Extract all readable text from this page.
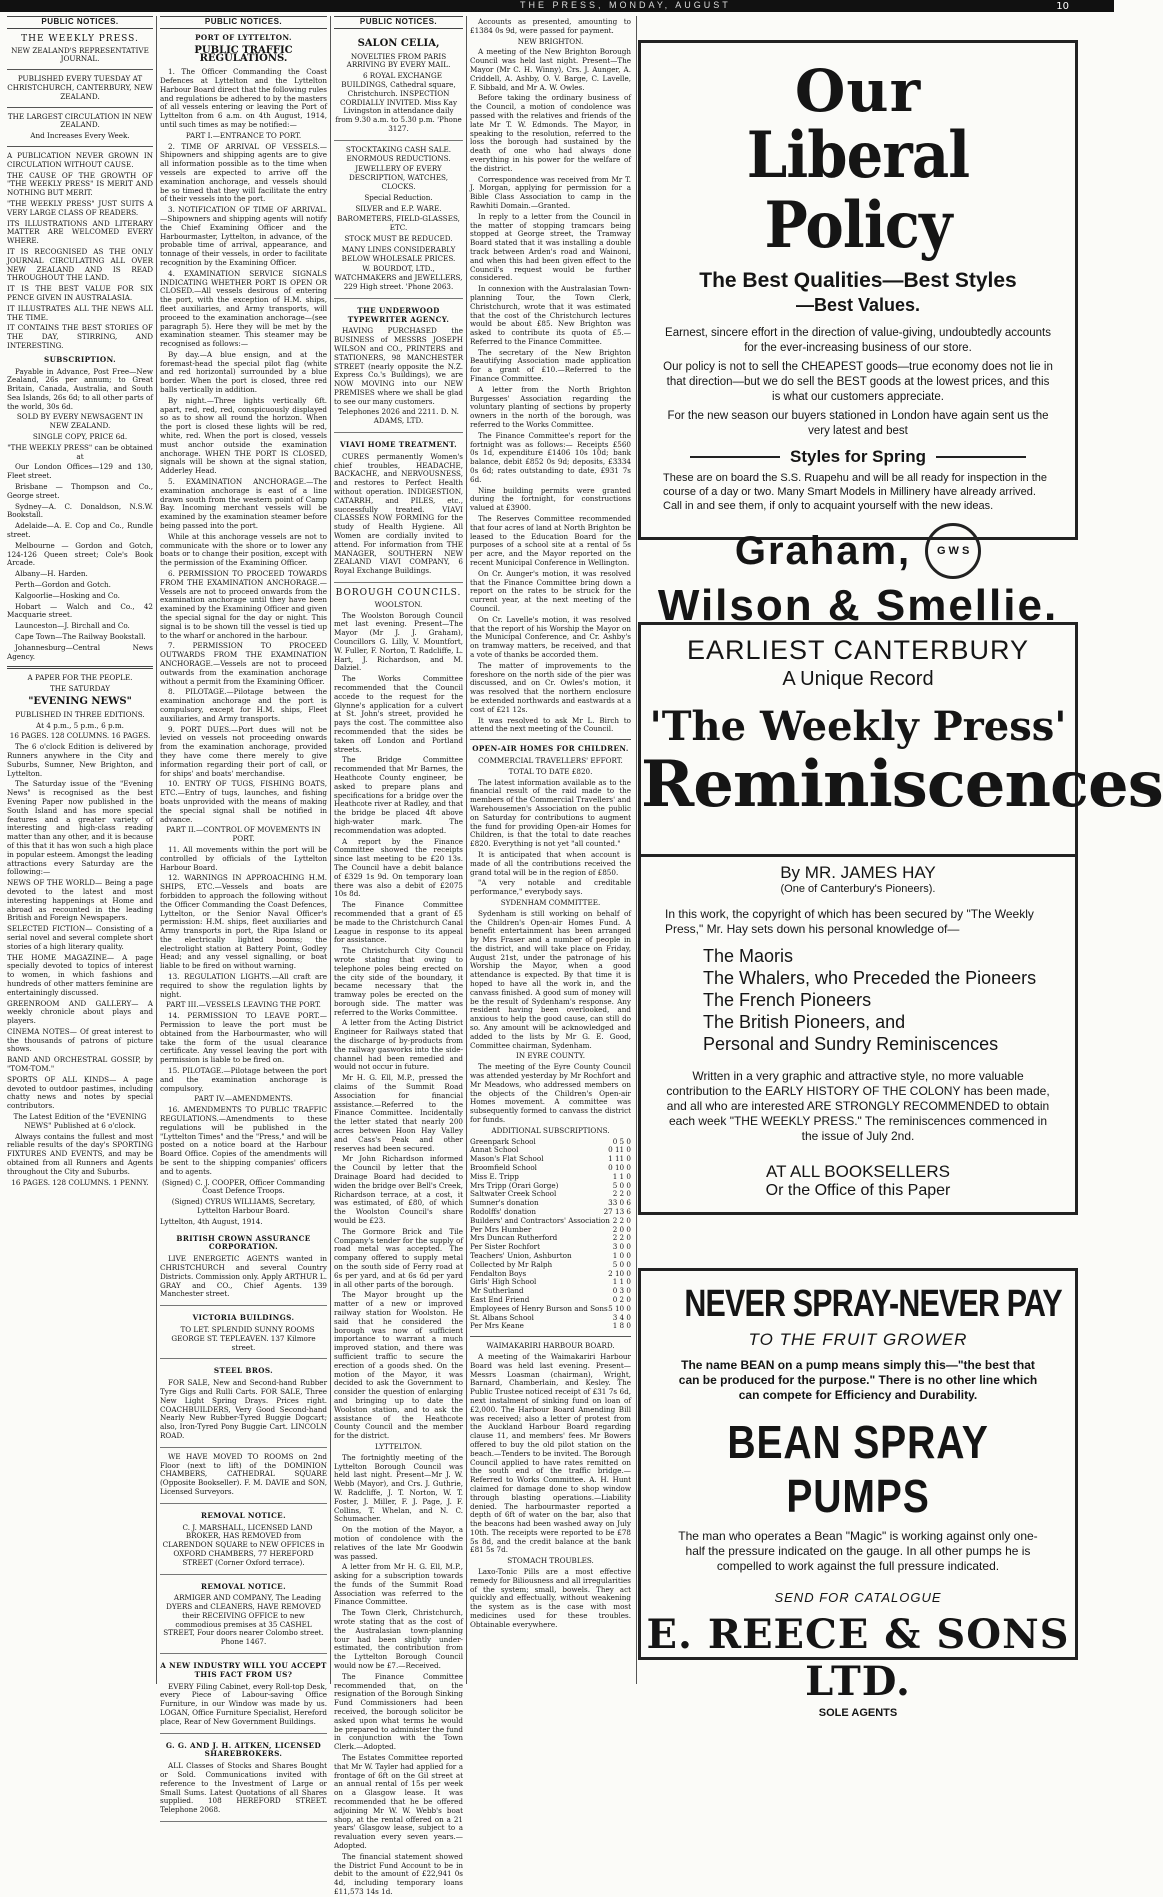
THE PRESS, MONDAY, AUGUST	10
PUBLIC NOTICES.
THE WEEKLY PRESS.
NEW ZEALAND'S REPRESENTATIVE JOURNAL.
PUBLISHED EVERY TUESDAY AT CHRISTCHURCH, CANTERBURY, NEW ZEALAND.
THE LARGEST CIRCULATION IN NEW ZEALAND.
And Increases Every Week.

A PUBLICATION NEVER GROWN IN CIRCULATION WITHOUT CAUSE.

THE CAUSE OF THE GROWTH OF "THE WEEKLY PRESS" IS MERIT AND NOTHING BUT MERIT.

"THE WEEKLY PRESS" JUST SUITS A VERY LARGE CLASS OF READERS.

ITS ILLUSTRATIONS AND LITERARY MATTER ARE WELCOMED EVERY WHERE.

IT IS RECOGNISED AS THE ONLY JOURNAL CIRCULATING ALL OVER NEW ZEALAND AND IS READ THROUGHOUT THE LAND.

IT IS THE BEST VALUE FOR SIX PENCE GIVEN IN AUSTRALASIA.

IT ILLUSTRATES ALL THE NEWS ALL THE TIME.

IT CONTAINS THE BEST STORIES OF THE DAY, STIRRING, AND INTERESTING.

SUBSCRIPTION.

Payable in Advance, Post Free—New Zealand, 26s per annum; to Great Britain, Canada, Australia, and South Sea Islands, 26s 6d; to all other parts of the world, 30s 6d.

SOLD BY EVERY NEWSAGENT IN NEW ZEALAND.
SINGLE COPY, PRICE 6d.
"THE WEEKLY PRESS" can be obtained at

Our London Offices—129 and 130, Fleet street.

Brisbane — Thompson and Co., George street.

Sydney—A. C. Donaldson, N.S.W. Bookstall.

Adelaide—A. E. Cop and Co., Rundle street.

Melbourne — Gordon and Gotch, 124-126 Queen street; Cole's Book Arcade.

Albany—H. Harden.

Perth—Gordon and Gotch.

Kalgoorlie—Hosking and Co.

Hobart — Walch and Co., 42 Macquarie street.

Launceston—J. Birchall and Co.

Cape Town—The Railway Bookstall.

Johannesburg—Central News Agency.

A PAPER FOR THE PEOPLE.
THE SATURDAY
"EVENING NEWS"
PUBLISHED IN THREE EDITIONS.
At 4 p.m., 5 p.m., 6 p.m.
16 PAGES. 128 COLUMNS. 16 PAGES.

The 6 o'clock Edition is delivered by Runners anywhere in the City and Suburbs, Sumner, New Brighton, and Lyttelton.

The Saturday issue of the "Evening News" is recognised as the best Evening Paper now published in the South Island and has more special features and a greater variety of interesting and high-class reading matter than any other, and it is because of this that it has won such a high place in popular esteem. Amongst the leading attractions every Saturday are the following:—

NEWS OF THE WORLD— Being a page devoted to the latest and most interesting happenings at Home and abroad as recounted in the leading British and Foreign Newspapers.

SELECTED FICTION— Consisting of a serial novel and several complete short stories of a high literary quality.

THE HOME MAGAZINE— A page specially devoted to topics of interest to women, in which fashions and hundreds of other matters feminine are entertainingly discussed.

GREENROOM AND GALLERY— A weekly chronicle about plays and players.

CINEMA NOTES— Of great interest to the thousands of patrons of picture shows.

BAND AND ORCHESTRAL GOSSIP, by "TOM-TOM."

SPORTS OF ALL KINDS— A page devoted to outdoor pastimes, including chatty news and notes by special contributors.

The Latest Edition of the "EVENING NEWS" Published at 6 o'clock.

Always contains the fullest and most reliable results of the day's SPORTING FIXTURES AND EVENTS, and may be obtained from all Runners and Agents throughout the City and Suburbs.

16 PAGES. 128 COLUMNS. 1 PENNY.
PUBLIC NOTICES.
PORT OF LYTTELTON.
PUBLIC TRAFFIC REGULATIONS.

1. The Officer Commanding the Coast Defences at Lyttelton and the Lyttelton Harbour Board direct that the following rules and regulations be adhered to by the masters of all vessels entering or leaving the Port of Lyttelton from 6 a.m. on 4th August, 1914, until such times as may be notified:—

PART I.—ENTRANCE TO PORT.

2. TIME OF ARRIVAL OF VESSELS.—Shipowners and shipping agents are to give all information possible as to the time when vessels are expected to arrive off the examination anchorage, and vessels should be so timed that they will facilitate the entry of their vessels into the port.

3. NOTIFICATION OF TIME OF ARRIVAL.—Shipowners and shipping agents will notify the Chief Examining Officer and the Harbourmaster, Lyttelton, in advance, of the probable time of arrival, appearance, and tonnage of their vessels, in order to facilitate recognition by the Examining Officer.

4. EXAMINATION SERVICE SIGNALS INDICATING WHETHER PORT IS OPEN OR CLOSED.—All vessels desirous of entering the port, with the exception of H.M. ships, fleet auxiliaries, and Army transports, will proceed to the examination anchorage—(see paragraph 5). Here they will be met by the examination steamer. This steamer may be recognised as follows:—

By day.—A blue ensign, and at the foremast-head the special pilot flag (white and red horizontal) surrounded by a blue border. When the port is closed, three red balls vertically in addition.

By night.—Three lights vertically 6ft. apart, red, red, red, conspicuously displayed so as to show all round the horizon. When the port is closed these lights will be red, white, red. When the port is closed, vessels must anchor outside the examination anchorage. WHEN THE PORT IS CLOSED, signals will be shown at the signal station, Adderley Head.

5. EXAMINATION ANCHORAGE.—The examination anchorage is east of a line drawn south from the western point of Camp Bay. Incoming merchant vessels will be examined by the examination steamer before being passed into the port.

While at this anchorage vessels are not to communicate with the shore or to lower any boats or to change their position, except with the permission of the Examining Officer.

6. PERMISSION TO PROCEED TOWARDS FROM THE EXAMINATION ANCHORAGE.—Vessels are not to proceed onwards from the examination anchorage until they have been examined by the Examining Officer and given the special signal for the day or night. This signal is to be shown till the vessel is tied up to the wharf or anchored in the harbour.

7. PERMISSION TO PROCEED OUTWARDS FROM THE EXAMINATION ANCHORAGE.—Vessels are not to proceed outwards from the examination anchorage without a permit from the Examining Officer.

8. PILOTAGE.—Pilotage between the examination anchorage and the port is compulsory, except for H.M. ships, Fleet auxiliaries, and Army transports.

9. PORT DUES.—Port dues will not be levied on vessels not proceeding onwards from the examination anchorage, provided they have come there merely to give information regarding their port of call, or for ships' and boats' merchandise.

10. ENTRY OF TUGS, FISHING BOATS, ETC.—Entry of tugs, launches, and fishing boats unprovided with the means of making the special signal shall be notified in advance.

PART II.—CONTROL OF MOVEMENTS IN PORT.

11. All movements within the port will be controlled by officials of the Lyttelton Harbour Board.

12. WARNINGS IN APPROACHING H.M. SHIPS, ETC.—Vessels and boats are forbidden to approach the following without the Officer Commanding the Coast Defences, Lyttelton, or the Senior Naval Officer's permission: H.M. ships, fleet auxiliaries and Army transports in port, the Ripa Island or the electrically lighted booms; the electrolight station at Battery Point, Godley Head; and any vessel signalling, or boat liable to be fired on without warning.

13. REGULATION LIGHTS.—All craft are required to show the regulation lights by night.

PART III.—VESSELS LEAVING THE PORT.

14. PERMISSION TO LEAVE PORT.—Permission to leave the port must be obtained from the Harbourmaster, who will take the form of the usual clearance certificate. Any vessel leaving the port with permission is liable to be fired on.

15. PILOTAGE.—Pilotage between the port and the examination anchorage is compulsory.

PART IV.—AMENDMENTS.

16. AMENDMENTS TO PUBLIC TRAFFIC REGULATIONS.—Amendments to these regulations will be published in the "Lyttelton Times" and the "Press," and will be posted on a notice board at the Harbour Board Office. Copies of the amendments will be sent to the shipping companies' officers and to agents.

(Signed) C. J. COOPER, Officer Commanding Coast Defence Troops.
(Signed) CYRUS WILLIAMS, Secretary, Lyttelton Harbour Board.
Lyttelton, 4th August, 1914.
BRITISH CROWN ASSURANCE CORPORATION.

LIVE ENERGETIC AGENTS wanted in CHRISTCHURCH and several Country Districts. Commission only. Apply ARTHUR L. GRAY and CO., Chief Agents. 139 Manchester street.

VICTORIA BUILDINGS.

TO LET. SPLENDID SUNNY ROOMS GEORGE ST. TEPLEAVEN. 137 Kilmore street.

STEEL BROS.

FOR SALE, New and Second-hand Rubber Tyre Gigs and Rulli Carts. FOR SALE, Three New Light Spring Drays. Prices right. COACHBUILDERS, Very Good Second-hand Nearly New Rubber-Tyred Buggie Dogcart; also, Iron-Tyred Pony Buggie Cart. LINCOLN ROAD.

WE HAVE MOVED TO ROOMS on 2nd Floor (next to lift) of the DOMINION CHAMBERS, CATHEDRAL SQUARE (Opposite Bookseller). F. M. DAVIE and SON, Licensed Surveyors.

REMOVAL NOTICE.

C. J. MARSHALL, LICENSED LAND BROKER, HAS REMOVED from CLARENDON SQUARE to NEW OFFICES in OXFORD CHAMBERS, 77 HEREFORD STREET (Corner Oxford terrace).

REMOVAL NOTICE.

ARMIGER AND COMPANY, The Leading DYERS and CLEANERS, HAVE REMOVED their RECEIVING OFFICE to new commodious premises at 35 CASHEL STREET, Four doors nearer Colombo street. Phone 1467.

A NEW INDUSTRY WILL YOU ACCEPT THIS FACT FROM US?

EVERY Filing Cabinet, every Roll-top Desk, every Piece of Labour-saving Office Furniture, in our Window was made by us. LOGAN, Office Furniture Specialist, Hereford place, Rear of New Government Buildings.

G. G. AND J. H. AITKEN, LICENSED SHAREBROKERS.

ALL Classes of Stocks and Shares Bought or Sold. Communications invited with reference to the Investment of Large or Small Sums. Latest Quotations of all Shares supplied. 108 HEREFORD STREET. Telephone 2068.

PUBLIC NOTICES.
SALON CELIA,
NOVELTIES FROM PARIS ARRIVING BY EVERY MAIL.

6 ROYAL EXCHANGE BUILDINGS, Cathedral square, Christchurch. INSPECTION CORDIALLY INVITED. Miss Kay Livingston in attendance daily from 9.30 a.m. to 5.30 p.m. 'Phone 3127.

STOCKTAKING CASH SALE. ENORMOUS REDUCTIONS.
JEWELLERY OF EVERY DESCRIPTION, WATCHES, CLOCKS.
Special Reduction.
SILVER and E.P. WARE.
BAROMETERS, FIELD-GLASSES, ETC.
STOCK MUST BE REDUCED.
MANY LINES CONSIDERABLY BELOW WHOLESALE PRICES.
W. BOURDOT, LTD., WATCHMAKERS and JEWELLERS, 229 High street. 'Phone 2063.
THE UNDERWOOD TYPEWRITER AGENCY.

HAVING PURCHASED the BUSINESS of MESSRS JOSEPH WILSON and CO., PRINTERS and STATIONERS, 98 MANCHESTER STREET (nearly opposite the N.Z. Express Co.'s Buildings), we are NOW MOVING into our NEW PREMISES where we shall be glad to see our many customers.

Telephones 2026 and 2211. D. N. ADAMS, LTD.
VIAVI HOME TREATMENT.

CURES permanently Women's chief troubles, HEADACHE, BACKACHE, and NERVOUSNESS, and restores to Perfect Health without operation. INDIGESTION, CATARRH, and PILES, etc., successfully treated. VIAVI CLASSES NOW FORMING for the study of Health Hygiene. All Women are cordially invited to attend. For information from THE MANAGER, SOUTHERN NEW ZEALAND VIAVI COMPANY, 6 Royal Exchange Buildings.

BOROUGH COUNCILS.
WOOLSTON.

The Woolston Borough Council met last evening. Present—The Mayor (Mr J. J. Graham), Councillors G. Lilly, V. Mountfort, W. Fuller, F. Norton, T. Radcliffe, L. Hart, J. Richardson, and M. Dalziel.

The Works Committee recommended that the Council accede to the request for the Glynne's application for a culvert at St. John's street, provided he pays the cost. The committee also recommended that the sides be taken off London and Portland streets.

The Bridge Committee recommended that Mr Barnes, the Heathcote County engineer, be asked to prepare plans and specifications for a bridge over the Heathcote river at Radley, and that the bridge be placed 4ft above high-water mark. The recommendation was adopted.

A report by the Finance Committee showed the receipts since last meeting to be £20 13s. The Council have a debit balance of £329 1s 9d. On temporary loan there was also a debit of £2075 10s 8d.

The Finance Committee recommended that a grant of £5 be made to the Christchurch Canal League in response to its appeal for assistance.

The Christchurch City Council wrote stating that owing to telephone poles being erected on the city side of the boundary, it became necessary that the tramway poles be erected on the borough side. The matter was referred to the Works Committee.

A letter from the Acting District Engineer for Railways stated that the discharge of by-products from the railway gasworks into the side-channel had been remedied and would not occur in future.

Mr H. G. Ell, M.P., pressed the claims of the Summit Road Association for financial assistance.—Referred to the Finance Committee. Incidentally the letter stated that nearly 200 acres between Hoon Hay Valley and Cass's Peak and other reserves had been secured.

Mr John Richardson informed the Council by letter that the Drainage Board had decided to widen the bridge over Bell's Creek, Richardson terrace, at a cost, it was estimated, of £80, of which the Woolston Council's share would be £23.

The Gormore Brick and Tile Company's tender for the supply of road metal was accepted. The company offered to supply metal on the south side of Ferry road at 6s per yard, and at 6s 6d per yard in all other parts of the borough.

The Mayor brought up the matter of a new or improved railway station for Woolston. He said that he considered the borough was now of sufficient importance to warrant a much improved station, and there was sufficient traffic to secure the erection of a goods shed. On the motion of the Mayor, it was decided to ask the Government to consider the question of enlarging and bringing up to date the Woolston station, and to ask the assistance of the Heathcote County Council and the member for the district.

LYTTELTON.

The fortnightly meeting of the Lyttelton Borough Council was held last night. Present—Mr J. W. Webb (Mayor), and Crs. J. Guthrie, W. Radcliffe, J. T. Norton, W. T. Foster, J. Miller, F. J. Page, J. F. Collins, T. Whelan, and N. C. Schumacher.

On the motion of the Mayor, a motion of condolence with the relatives of the late Mr Goodwin was passed.

A letter from Mr H. G. Ell, M.P., asking for a subscription towards the funds of the Summit Road Association was referred to the Finance Committee.

The Town Clerk, Christchurch, wrote stating that as the cost of the Australasian town-planning tour had been slightly under-estimated, the contribution from the Lyttelton Borough Council would now be £7.—Received.

The Finance Committee recommended that, on the resignation of the Borough Sinking Fund Commissioners had been received, the borough solicitor be asked upon what terms he would be prepared to administer the fund in conjunction with the Town Clerk.—Adopted.

The Estates Committee reported that Mr W. Tayler had applied for a frontage of 6ft on the Gil street at an annual rental of 15s per week on a Glasgow lease. It was recommended that he be offered adjoining Mr W. W. Webb's boat shop, at the rental offered on a 21 years' Glasgow lease, subject to a revaluation every seven years.—Adopted.

The financial statement showed the District Fund Account to be in debit to the amount of £22,941 0s 4d, including temporary loans £11,573 14s 1d.

Accounts as presented, amounting to £1384 0s 9d, were passed for payment.

NEW BRIGHTON.

A meeting of the New Brighton Borough Council was held last night. Present—The Mayor (Mr C. H. Winny), Crs. J. Aunger, A. Criddell, A. Ashby, O. V. Barge, C. Lavelle, F. Sibbald, and Mr A. W. Owles.

Before taking the ordinary business of the Council, a motion of condolence was passed with the relatives and friends of the late Mr T. W. Edmonds. The Mayor, in speaking to the resolution, referred to the loss the borough had sustained by the death of one who had always done everything in his power for the welfare of the district.

Correspondence was received from Mr T. J. Morgan, applying for permission for a Bible Class Association to camp in the Rawhiti Domain.—Granted.

In reply to a letter from the Council in the matter of stopping tramcars being stopped at George street, the Tramway Board stated that it was installing a double track between Arden's road and Wainoni, and when this had been given effect to the Council's request would be further considered.

In connexion with the Australasian Town-planning Tour, the Town Clerk, Christchurch, wrote that it was estimated that the cost of the Christchurch lectures would be about £85. New Brighton was asked to contribute its quota of £5.—Referred to the Finance Committee.

The secretary of the New Brighton Beautifying Association made application for a grant of £10.—Referred to the Finance Committee.

A letter from the North Brighton Burgesses' Association regarding the voluntary planting of sections by property owners in the north of the borough, was referred to the Works Committee.

The Finance Committee's report for the fortnight was as follows:— Receipts £560 0s 1d, expenditure £1406 10s 10d; bank balance, debit £852 0s 9d; deposits, £3334 0s 6d; rates outstanding to date, £931 7s 6d.

Nine building permits were granted during the fortnight, for constructions valued at £3900.

The Reserves Committee recommended that four acres of land at North Brighton be leased to the Education Board for the purposes of a school site at a rental of 5s per acre, and the Mayor reported on the recent Municipal Conference in Wellington.

On Cr. Aunger's motion, it was resolved that the Finance Committee bring down a report on the rates to be struck for the current year, at the next meeting of the Council.

On Cr. Lavelle's motion, it was resolved that the report of his Worship the Mayor on the Municipal Conference, and Cr. Ashby's on tramway matters, be received, and that a vote of thanks be accorded them.

The matter of improvements to the foreshore on the north side of the pier was discussed, and on Cr. Owles's motion, it was resolved that the northern enclosure be extended northwards and eastwards at a cost of £21 12s.

It was resolved to ask Mr L. Birch to attend the next meeting of the Council.

OPEN-AIR HOMES FOR CHILDREN.
COMMERCIAL TRAVELLERS' EFFORT.
TOTAL TO DATE £820.

The latest information available as to the financial result of the raid made to the members of the Commercial Travellers' and Warehousemen's Association on the public on Saturday for contributions to augment the fund for providing Open-air Homes for Children, is that the total to date reaches £820. Everything is not yet "all counted."

It is anticipated that when account is made of all the contributions received the grand total will be in the region of £850.

"A very notable and creditable performance," everybody says.

SYDENHAM COMMITTEE.

Sydenham is still working on behalf of the Children's Open-air Homes Fund. A benefit entertainment has been arranged by Mrs Fraser and a number of people in the district, and will take place on Friday, August 21st, under the patronage of his Worship the Mayor, when a good attendance is expected. By that time it is hoped to have all the work in, and the canvass finished. A good sum of money will be the result of Sydenham's response. Any resident having been overlooked, and anxious to help the good cause, can still do so. Any amount will be acknowledged and added to the lists by Mr G. E. Good, Committee chairman, Sydenham.

IN EYRE COUNTY.

The meeting of the Eyre County Council was attended yesterday by Mr Rochfort and Mr Meadows, who addressed members on the objects of the Children's Open-air Homes movement. A committee was subsequently formed to canvass the district for funds.

ADDITIONAL SUBSCRIPTIONS.
Greenpark School	0 5 0
Annat School	0 11 0
Mason's Flat School	1 11 0
Broomfield School	0 10 0
Miss E. Tripp	1 1 0
Mrs Tripp (Orari Gorge)	5 0 0
Saltwater Creek School	2 2 0
Sumner's donation	33 0 6
Rodolffs' donation	27 13 6
Builders' and Contractors' Association 2 2 0
Per Mrs Humber	2 0 0
Mrs Duncan Rutherford	2 2 0
Per Sister Rochfort	3 0 0
Teachers' Union, Ashburton	1 0 0
Collected by Mr Ralph	5 0 0
Fendalton Boys	2 10 0
Girls' High School	1 1 0
Mr Sutherland	0 3 0
East End Friend	0 2 0
Employees of Henry Burson and Sons 5 10 0
St. Albans School	3 4 0
Per Mrs Keane	1 8 0
WAIMAKARIRI HARBOUR BOARD.

A meeting of the Waimakariri Harbour Board was held last evening. Present—Messrs Loasman (chairman), Wright, Barnard, Chamberlain, and Kesley. The Public Trustee noticed receipt of £31 7s 6d, next instalment of sinking fund on loan of £2,000. The Harbour Board Amending Bill was received; also a letter of protest from the Auckland Harbour Board regarding clause 11, and members' fees. Mr Bowers offered to buy the old pilot station on the beach.—Tenders to be invited. The Borough Council applied to have rates remitted on the south end of the traffic bridge.—Referred to Works Committee. A. H. Hunt claimed for damage done to shop window through blasting operations.—Liability denied. The harbourmaster reported a depth of 6ft of water on the bar, also that the beacons had been washed away on July 10th. The receipts were reported to be £78 5s 8d, and the credit balance at the bank £81 5s 7d.

STOMACH TROUBLES.

Laxo-Tonic Pills are a most effective remedy for Biliousness and all irregularities of the system; small, bowels. They act quickly and effectually, without weakening the system as is the case with most medicines used for these troubles. Obtainable everywhere.

Our
Liberal Policy
The Best Qualities—Best Styles
—Best Values.
Earnest, sincere effort in the direction of value-giving, undoubtedly accounts for the ever-increasing business of our store.
Our policy is not to sell the CHEAPEST goods—true economy does not lie in that direction—but we do sell the BEST goods at the lowest prices, and this is what our customers appreciate.
For the new season our buyers stationed in London have again sent us the very latest and best
Styles for Spring
These are on board the S.S. Ruapehu and will be all ready for inspection in the course of a day or two. Many Smart Models in Millinery have already arrived. Call in and see them, if only to acquaint yourself with the new ideas.
Graham,	G W S
Wilson & Smellie.
EARLIEST CANTERBURY
A Unique Record
'The Weekly Press'
Reminiscences
By MR. JAMES HAY
(One of Canterbury's Pioneers).
In this work, the copyright of which has been secured by "The Weekly Press," Mr. Hay sets down his personal knowledge of—
The Maoris
The Whalers, who Preceded the Pioneers
The French Pioneers
The British Pioneers, and
Personal and Sundry Reminiscences
Written in a very graphic and attractive style, no more valuable contribution to the EARLY HISTORY OF THE COLONY has been made, and all who are interested ARE STRONGLY RECOMMENDED to obtain each week "THE WEEKLY PRESS." The reminiscences commenced in the issue of July 2nd.
AT ALL BOOKSELLERS
Or the Office of this Paper
NEVER SPRAY-NEVER PAY
TO THE FRUIT GROWER
The name BEAN on a pump means simply this—"the best that can be produced for the purpose." There is no other line which can compete for Efficiency and Durability.
BEAN SPRAY PUMPS
The man who operates a Bean "Magic" is working against only one-half the pressure indicated on the gauge. In all other pumps he is compelled to work against the full pressure indicated.
SEND FOR CATALOGUE
E. REECE & SONS LTD.
SOLE AGENTS
